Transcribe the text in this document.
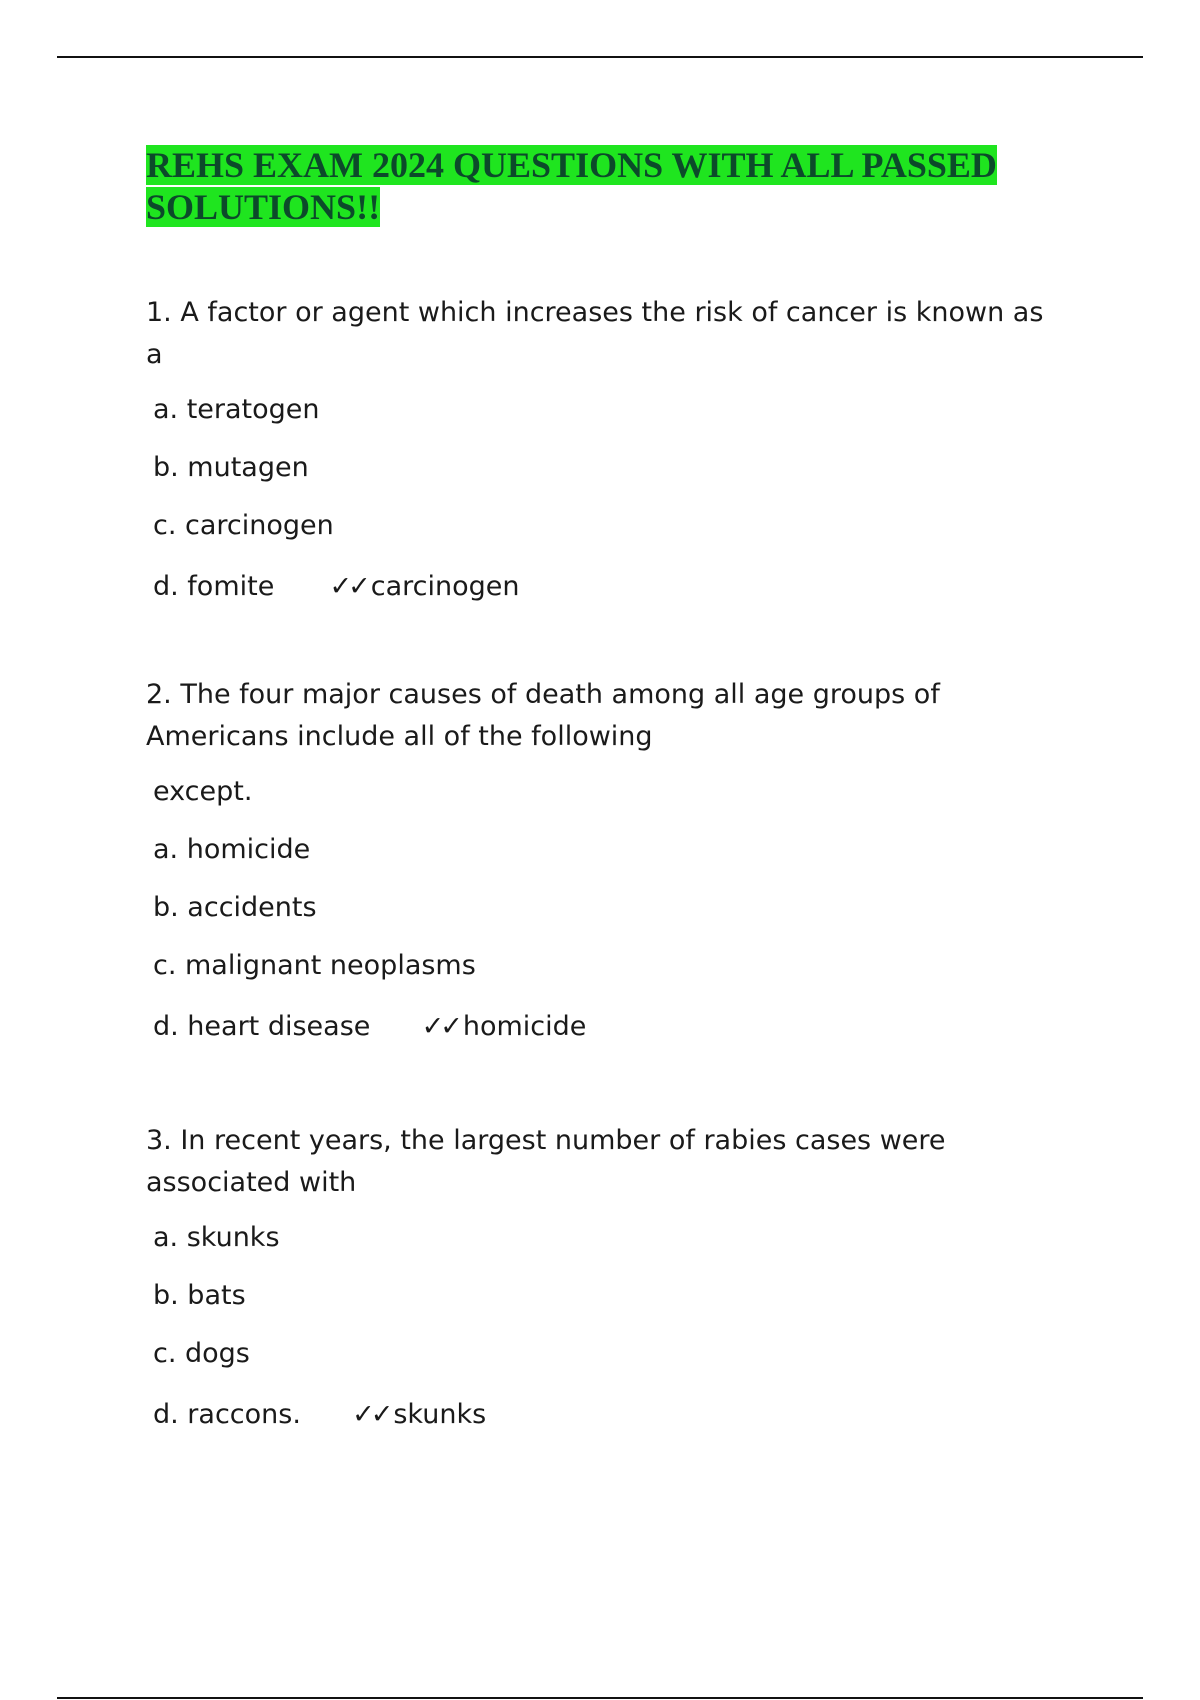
REHS EXAM 2024 QUESTIONS WITH ALL PASSED SOLUTIONS!!

1. A factor or agent which increases the risk of cancer is known as a

a. teratogen

b. mutagen

c. carcinogen

d. fomite ✓✓ carcinogen

2. The four major causes of death among all age groups of Americans include all of the following

except.

a. homicide

b. accidents

c. malignant neoplasms

d. heart disease ✓✓ homicide

3. In recent years, the largest number of rabies cases were associated with

a. skunks

b. bats

c. dogs

d. raccons. ✓✓ skunks
